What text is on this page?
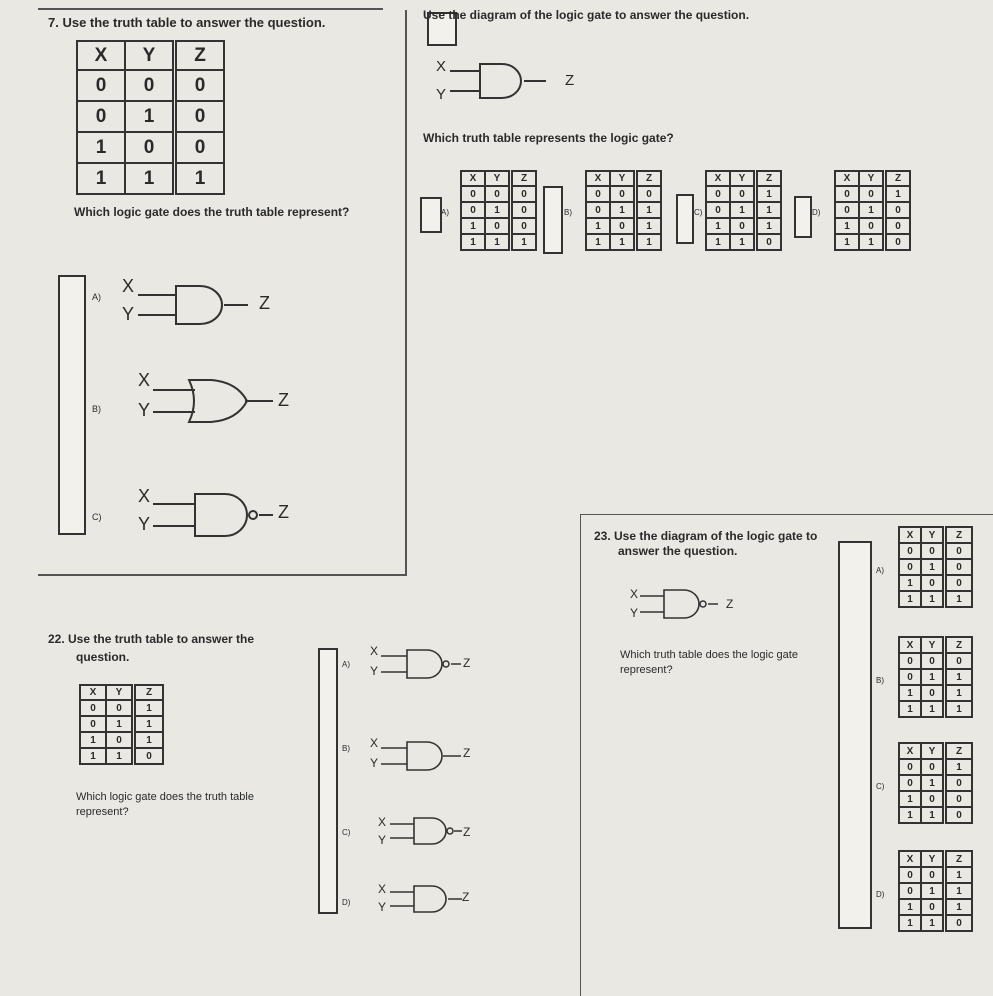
7. Use the truth table to answer the question.
X	Y	Z
0	0	0
0	1	0
1	0	0
1	1	1
Which logic gate does the truth table represent?
A)
X
Y
Z
B)
X
Y	Z
C)
X
Y
Z
Use the diagram of the logic gate to answer the question.
X
Y
Z
Which truth table represents the logic gate?
A)
X	Y	Z
0	0	0
0	1	0
1	0	0
1	1	1
B)
X	Y	Z
0	0	0
0	1	1
1	0	1
1	1	1
C)
X	Y	Z
0	0	1
0	1	1
1	0	1
1	1	0
D)
X	Y	Z
0	0	1
0	1	0
1	0	0
1	1	0
22. Use the truth table to answer the
question.
X	Y	Z
0	0	1
0	1	1
1	0	1
1	1	0
Which logic gate does the truth table
represent?
A)
X
Y
Z
B) X
Y
Z
C)
X
Y
Z
D)
X
Y
Z
23. Use the diagram of the logic gate to
answer the question.
X
Y
Z
Which truth table does the logic gate
represent?
A)
X	Y	Z
0	0	0
0	1	0
1	0	0
1	1	1
B)
X	Y	Z
0	0	0
0	1	1
1	0	1
1	1	1
C)
X	Y	Z
0	0	1
0	1	0
1	0	0
1	1	0
D)
X	Y	Z
0	0	1
0	1	1
1	0	1
1	1	0
